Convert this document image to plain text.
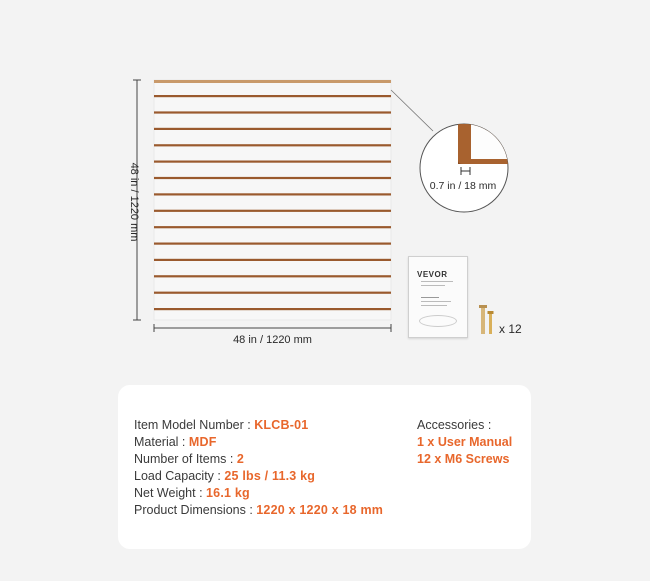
48 in / 1220 mm
48 in / 1220 mm
0.7 in / 18 mm
VEVOR
x 12
Item Model Number : KLCB-01
Material : MDF
Number of Items : 2
Load Capacity : 25 lbs / 11.3 kg
Net Weight : 16.1 kg
Product Dimensions : 1220 x 1220 x 18 mm
Accessories :
1 x User Manual
12 x M6 Screws
